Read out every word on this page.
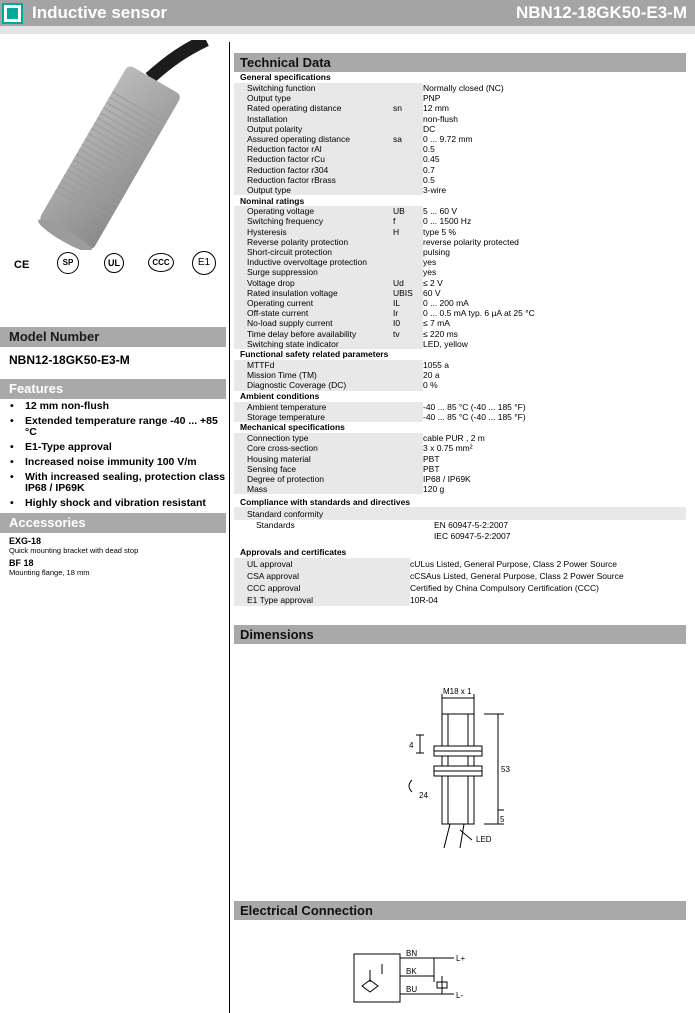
Inductive sensor	NBN12-18GK50-E3-M
CE	SP	UL	CCC	E1
Model Number
NBN12-18GK50-E3-M
Features
• 12 mm non-flush
• Extended temperature range -40 ... +85 °C
• E1-Type approval
• Increased noise immunity 100 V/m
• With increased sealing, protection class IP68 / IP69K
• Highly shock and vibration resistant
Accessories
EXG-18
Quick mounting bracket with dead stop
BF 18
Mounting flange, 18 mm
Technical Data
General specifications		
Switching function		Normally closed (NC)
Output type		PNP
Rated operating distance	sn	12 mm
Installation		non-flush
Output polarity		DC
Assured operating distance	sa	0 ... 9.72 mm
Reduction factor rAl		0.5
Reduction factor rCu		0.45
Reduction factor r304		0.7
Reduction factor rBrass		0.5
Output type		3-wire
Nominal ratings		
Operating voltage	UB	5 ... 60 V
Switching frequency	f	0 ... 1500 Hz
Hysteresis	H	type 5 %
Reverse polarity protection		reverse polarity protected
Short-circuit protection		pulsing
Inductive overvoltage protection		yes
Surge suppression		yes
Voltage drop	Ud	≤ 2 V
Rated insulation voltage	UBIS	60 V
Operating current	IL	0 ... 200 mA
Off-state current	Ir	0 ... 0.5 mA typ. 6 µA at 25 °C
No-load supply current	I0	≤ 7 mA
Time delay before availability	tv	≤ 220 ms
Switching state indicator		LED, yellow
Functional safety related parameters		
MTTFd		1055 a
Mission Time (TM)		20 a
Diagnostic Coverage (DC)		0 %
Ambient conditions		
Ambient temperature		-40 ... 85 °C (-40 ... 185 °F)
Storage temperature		-40 ... 85 °C (-40 ... 185 °F)
Mechanical specifications		
Connection type		cable PUR , 2 m
Core cross-section		3 x 0.75 mm²
Housing material		PBT
Sensing face		PBT
Degree of protection		IP68 / IP69K
Mass		120 g
Compliance with standards and directives
Standard conformity
Standards		EN 60947-5-2:2007
IEC 60947-5-2:2007
Approvals and certificates	
UL approval	cULus Listed, General Purpose, Class 2 Power Source
CSA approval	cCSAus Listed, General Purpose, Class 2 Power Source
CCC approval	Certified by China Compulsory Certification (CCC)
E1 Type approval	10R-04
Dimensions
M18 x 1
4
53
5
24
LED
Electrical Connection
BN
BK
BU
L+
L-
